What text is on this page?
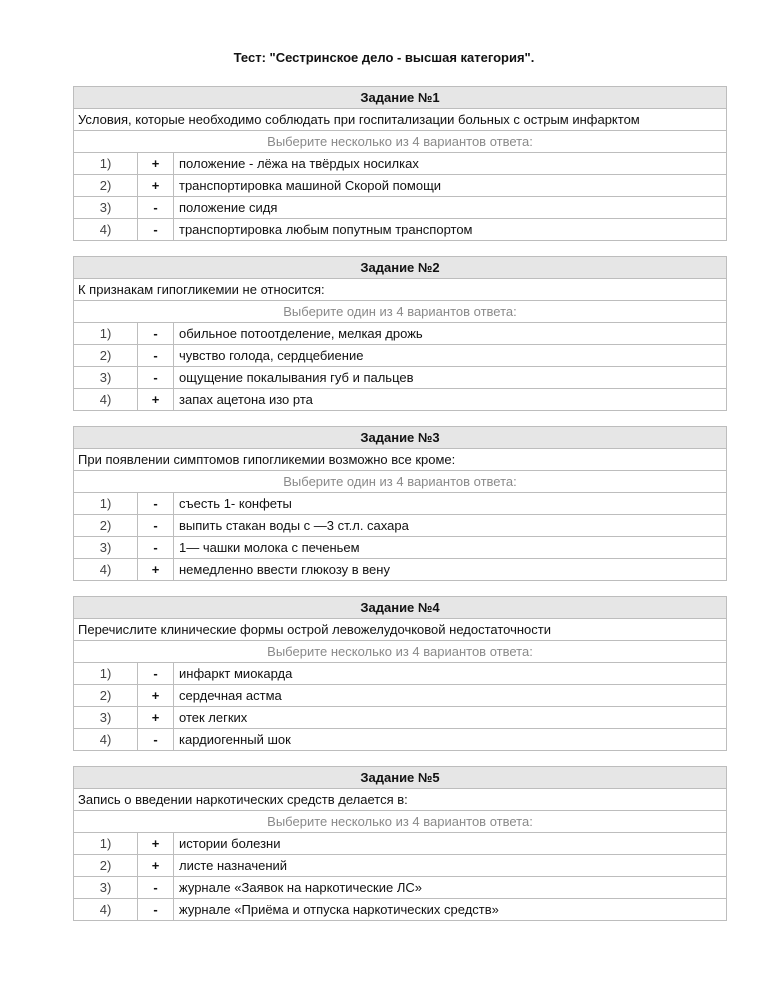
Тест: "Сестринское дело - высшая категория".
Задание №1
Условия, которые необходимо соблюдать при госпитализации больных с острым инфарктом
Выберите несколько из 4 вариантов ответа:
1)	+	положение - лёжа на твёрдых носилках
2)	+	транспортировка машиной Скорой помощи
3)	-	положение сидя
4)	-	транспортировка любым попутным транспортом
Задание №2
К признакам гипогликемии не относится:
Выберите один из 4 вариантов ответа:
1)	-	обильное потоотделение, мелкая дрожь
2)	-	чувство голода, сердцебиение
3)	-	ощущение покалывания губ и пальцев
4)	+	запах ацетона изо рта
Задание №3
При появлении симптомов гипогликемии возможно все кроме:
Выберите один из 4 вариантов ответа:
1)	-	съесть 1- конфеты
2)	-	выпить стакан воды с —3 ст.л. сахара
3)	-	1— чашки молока с печеньем
4)	+	немедленно ввести глюкозу в вену
Задание №4
Перечислите клинические формы острой левожелудочковой недостаточности
Выберите несколько из 4 вариантов ответа:
1)	-	инфаркт миокарда
2)	+	сердечная астма
3)	+	отек легких
4)	-	кардиогенный шок
Задание №5
Запись о введении наркотических средств делается в:
Выберите несколько из 4 вариантов ответа:
1)	+	истории болезни
2)	+	листе назначений
3)	-	журнале «Заявок на наркотические ЛС»
4)	-	журнале «Приёма и отпуска наркотических средств»
